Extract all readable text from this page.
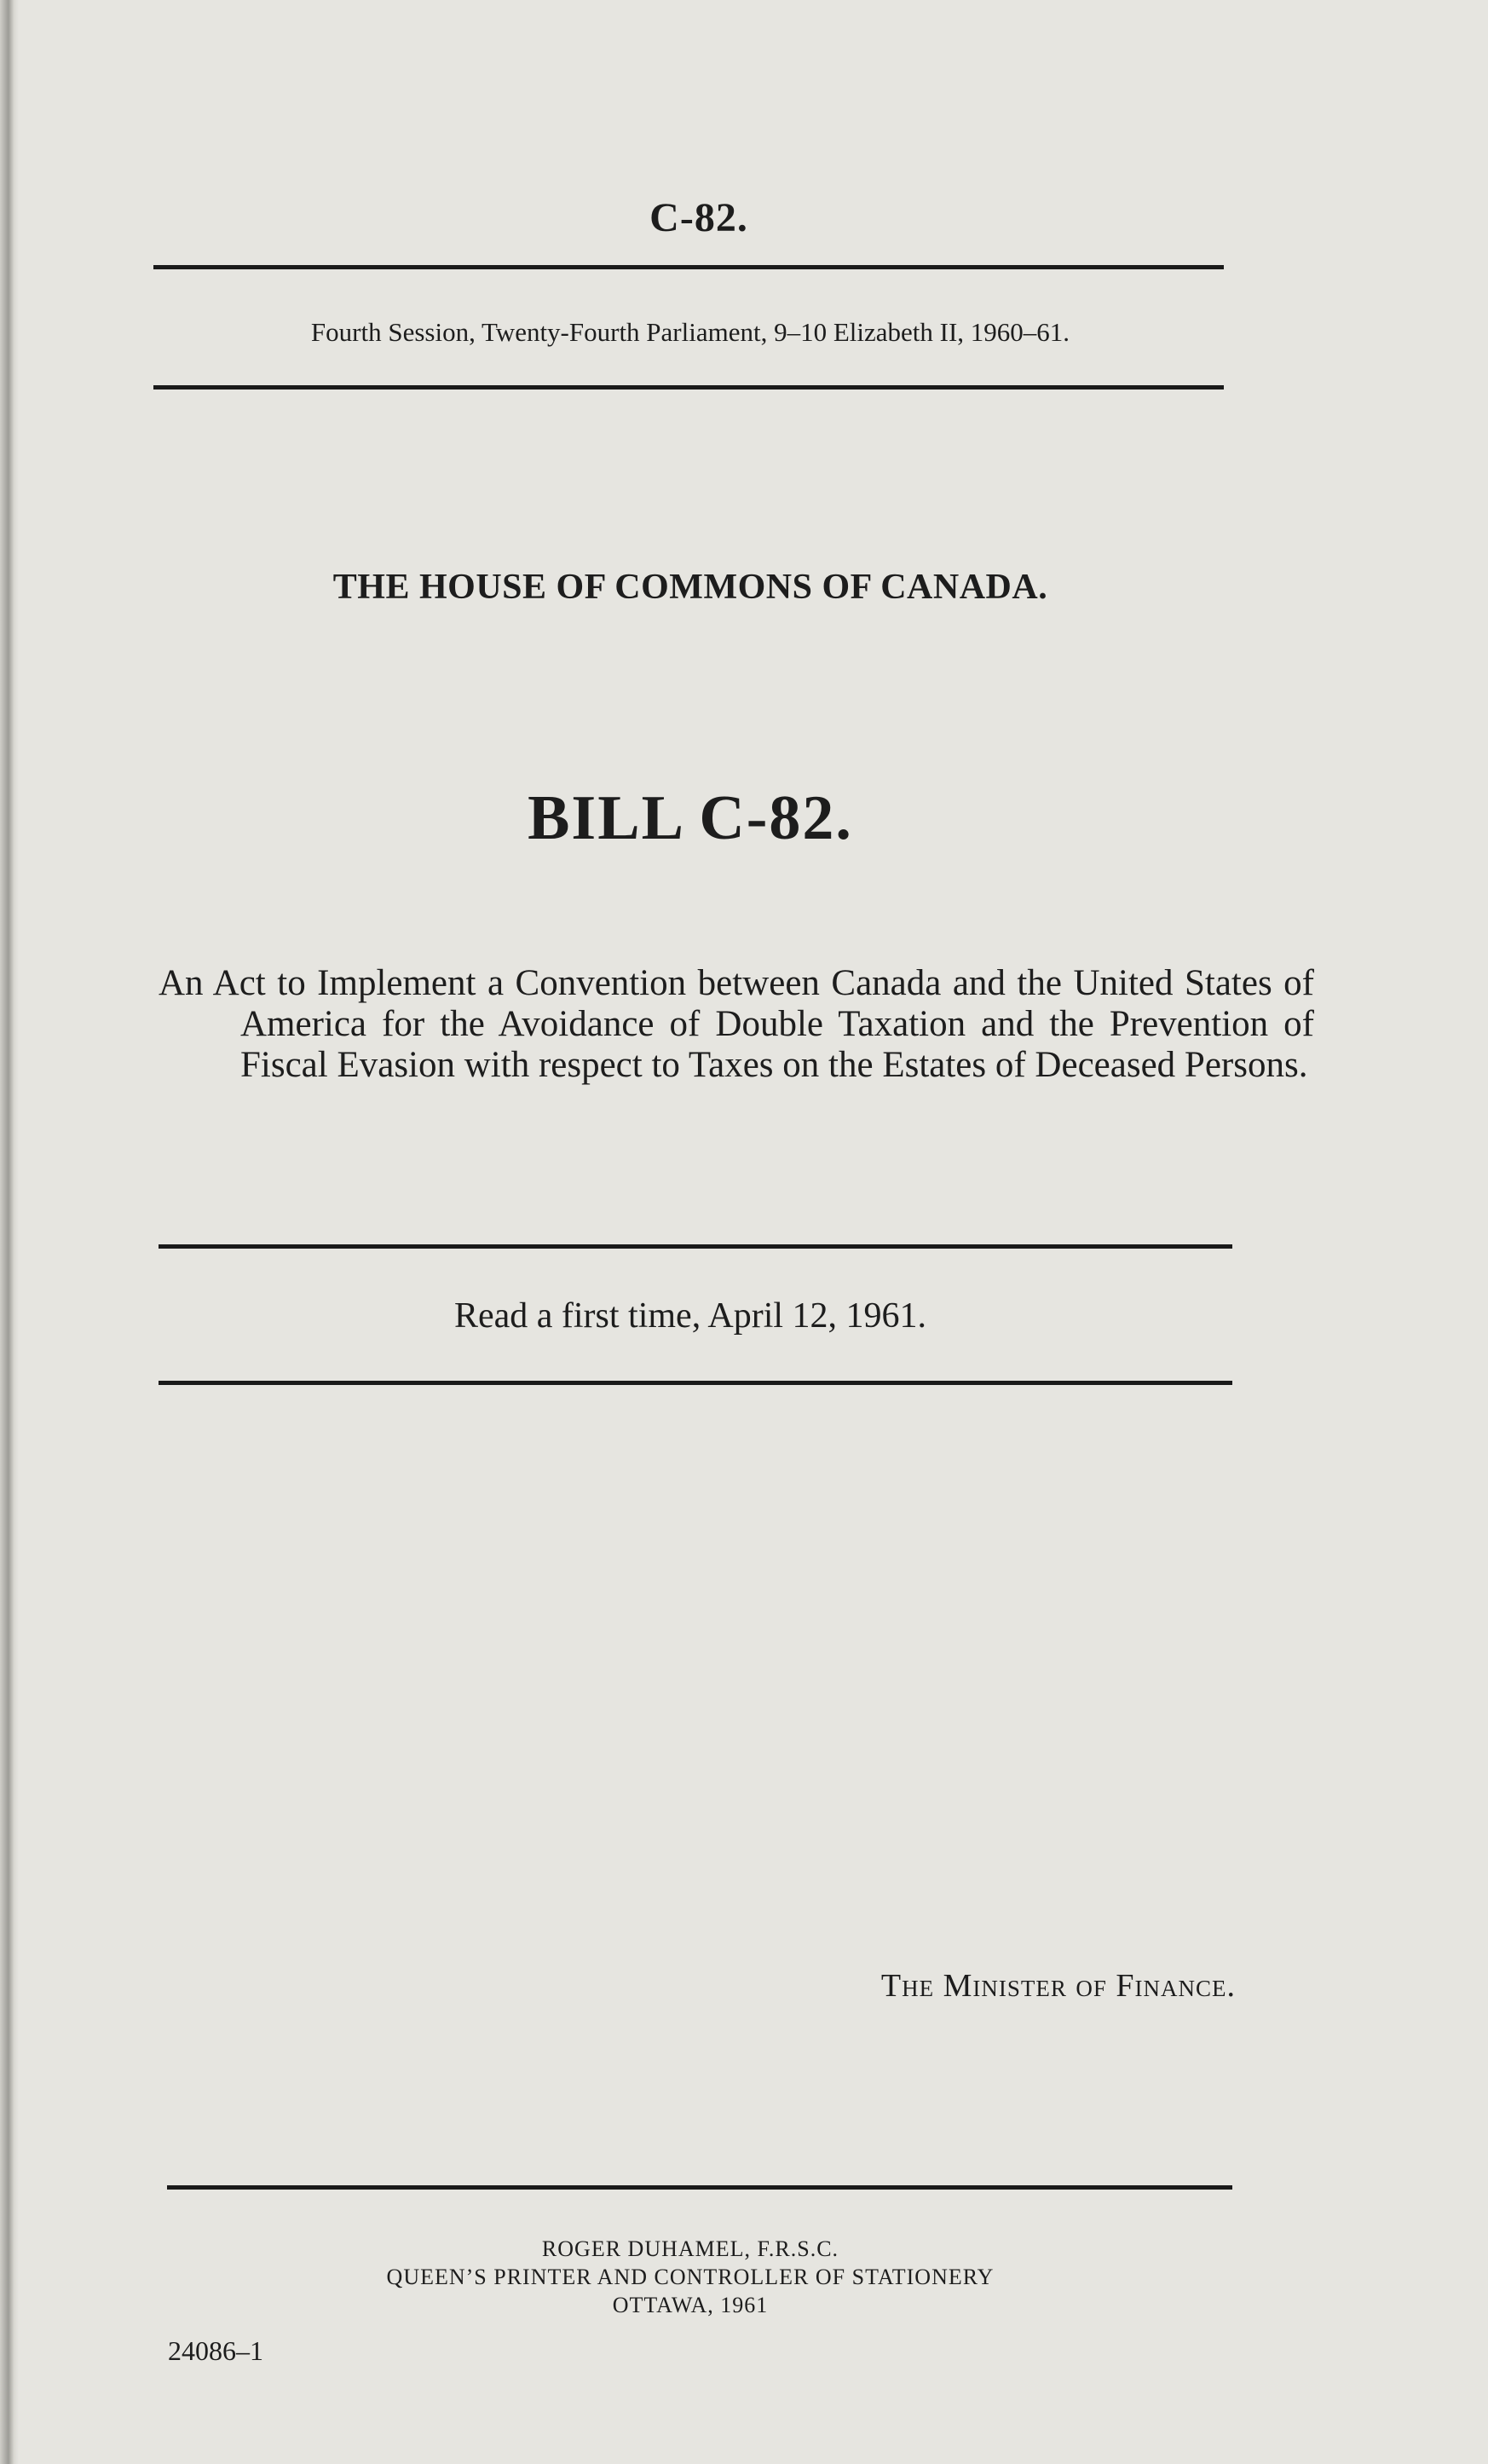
C-82.
Fourth Session, Twenty-Fourth Parliament, 9–10 Elizabeth II, 1960–61.
THE HOUSE OF COMMONS OF CANADA.
BILL C-82.
An Act to Implement a Convention between Canada and the United States of America for the Avoidance of Double Taxation and the Prevention of Fiscal Evasion with respect to Taxes on the Estates of Deceased Persons.
Read a first time, April 12, 1961.
The Minister of Finance.
ROGER DUHAMEL, F.R.S.C.
QUEEN’S PRINTER AND CONTROLLER OF STATIONERY
OTTAWA, 1961
24086–1
